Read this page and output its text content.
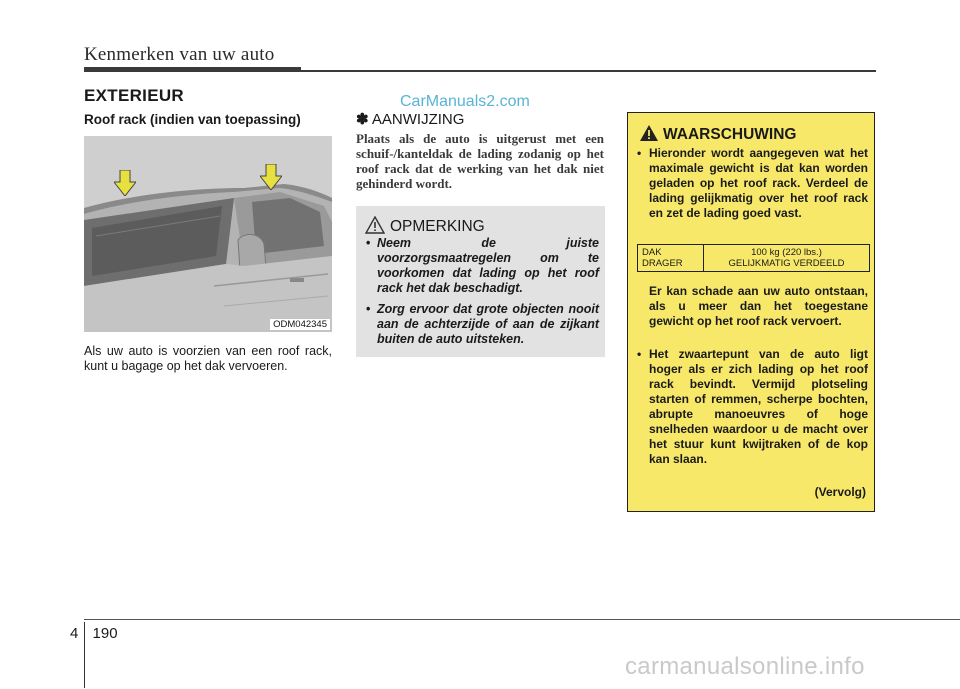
Kenmerken van uw auto
EXTERIEUR	CarManuals2.com
Roof rack (indien van toepassing)
ODM042345
Als uw auto is voorzien van een roof rack, kunt u bagage op het dak vervoeren.
✽ AANWIJZING
Plaats als de auto is uitgerust met een schuif-/kanteldak de lading zodanig op het roof rack dat de werking van het dak niet gehinderd wordt.
OPMERKING
• Neem de juiste voorzorgsmaatregelen om te voorkomen dat lading op het roof rack het dak beschadigt.
• Zorg ervoor dat grote objecten nooit aan de achterzijde of aan de zijkant buiten de auto uitsteken.
WAARSCHUWING
• Hieronder wordt aangegeven wat het maximale gewicht is dat kan worden geladen op het roof rack. Verdeel de lading gelijkmatig over het roof rack en zet de lading goed vast.
DAK
DRAGER

100 kg (220 lbs.)
GELIJKMATIG VERDEELD
Er kan schade aan uw auto ontstaan, als u meer dan het toegestane gewicht op het roof rack vervoert.
• Het zwaartepunt van de auto ligt hoger als er zich lading op het roof rack bevindt. Vermijd plotseling starten of remmen, scherpe bochten, abrupte manoeuvres of hoge snelheden waardoor u de macht over het stuur kunt kwijtraken of de kop kan slaan.
(Vervolg)
4 190
carmanualsonline.info
